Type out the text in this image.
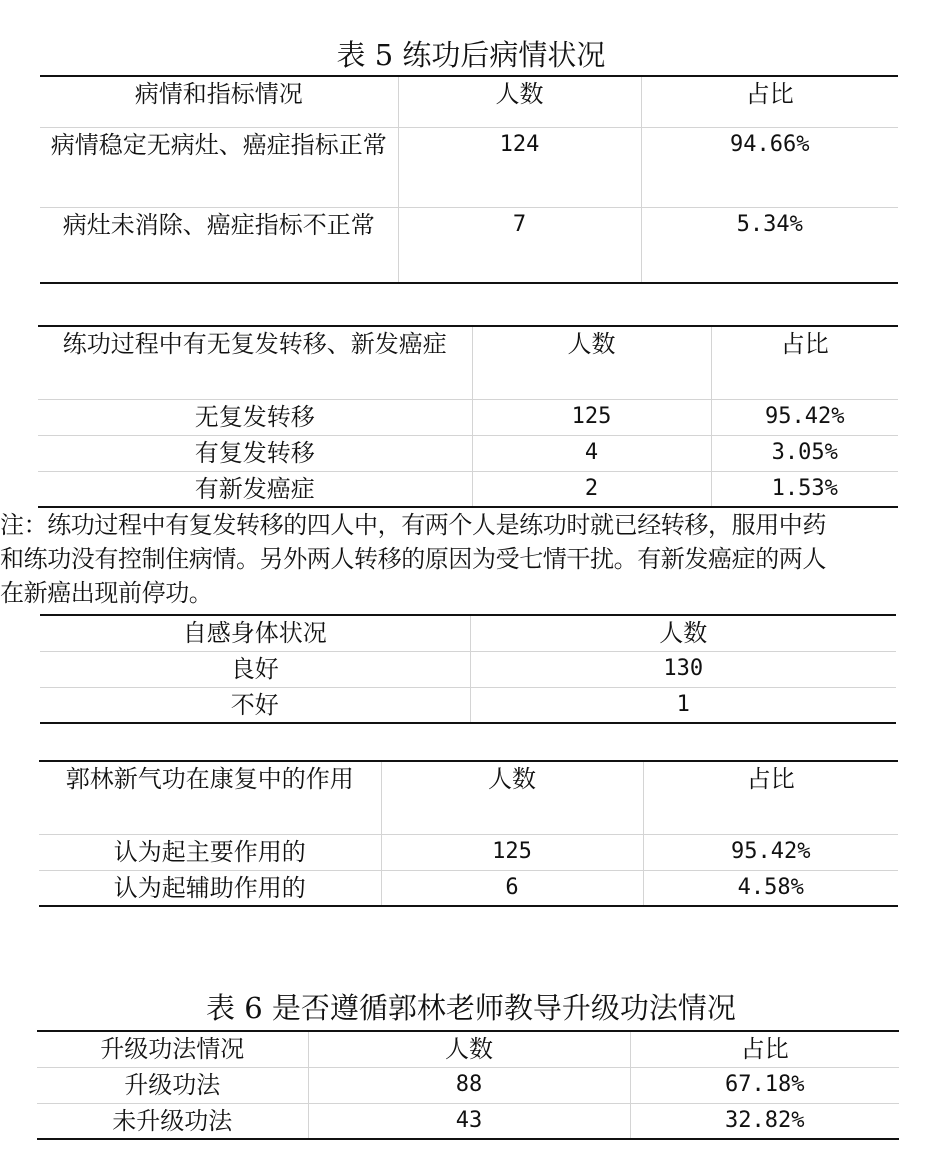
表 5 练功后病情状况
病情和指标情况	人数	占比
病情稳定无病灶、癌症指标正常	124	94.66%
病灶未消除、癌症指标不正常	7	5.34%
练功过程中有无复发转移、新发癌症	人数	占比
无复发转移	125	95.42%
有复发转移	4	3.05%
有新发癌症	2	1.53%
注：练功过程中有复发转移的四人中，有两个人是练功时就已经转移，服用中药
和练功没有控制住病情。另外两人转移的原因为受七情干扰。有新发癌症的两人
在新癌出现前停功。
自感身体状况	人数
良好	130
不好	1
郭林新气功在康复中的作用	人数	占比
认为起主要作用的	125	95.42%
认为起辅助作用的	6	4.58%
表 6 是否遵循郭林老师教导升级功法情况
升级功法情况	人数	占比
升级功法	88	67.18%
未升级功法	43	32.82%
